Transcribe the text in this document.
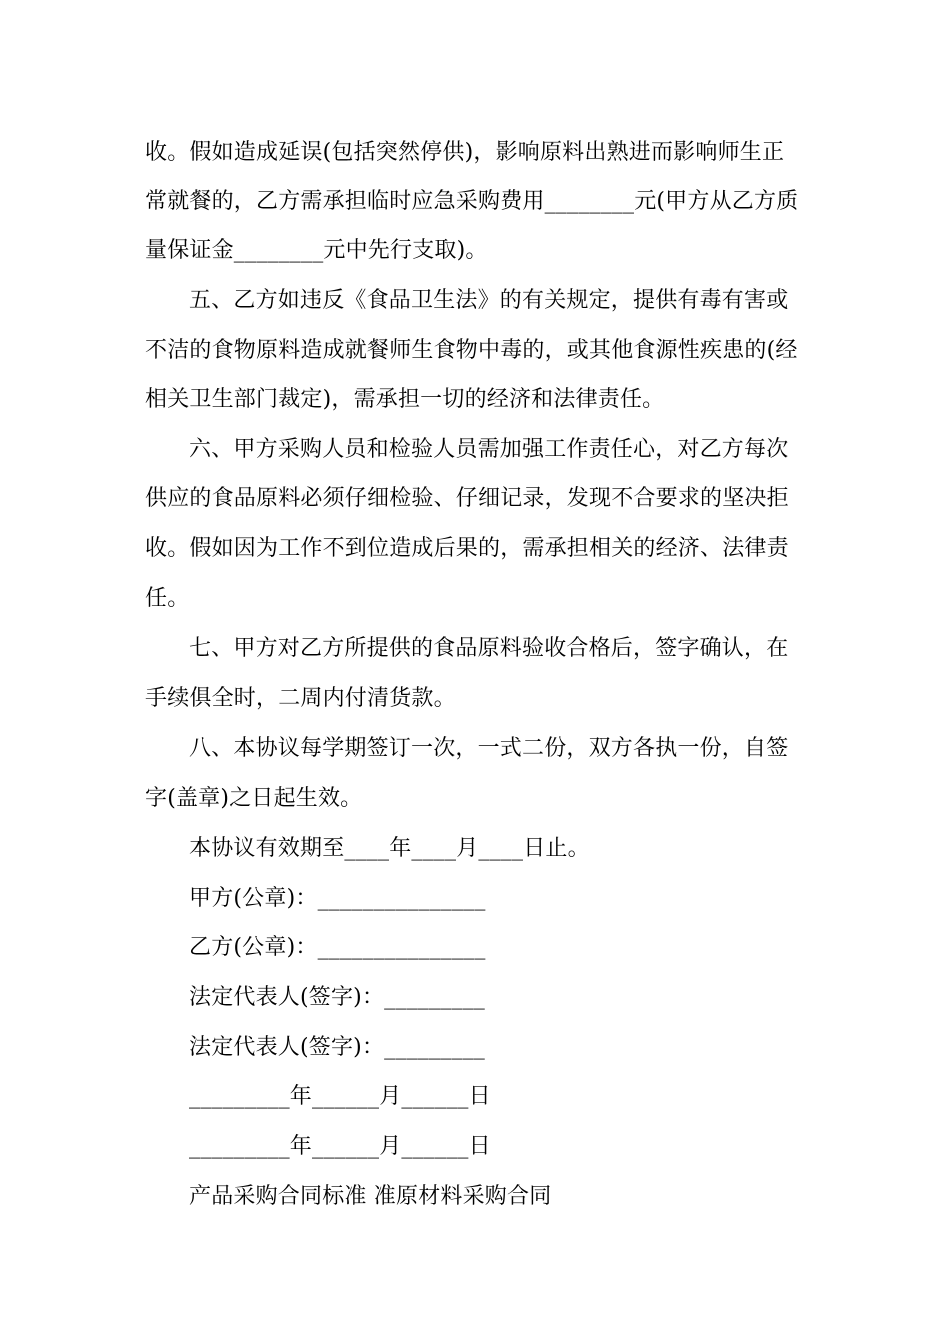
收。假如造成延误(包括突然停供)，影响原料出熟进而影响师生正
常就餐的，乙方需承担临时应急采购费用________元(甲方从乙方质
量保证金________元中先行支取)。
五、乙方如违反《食品卫生法》的有关规定，提供有毒有害或
不洁的食物原料造成就餐师生食物中毒的，或其他食源性疾患的(经
相关卫生部门裁定)，需承担一切的经济和法律责任。
六、甲方采购人员和检验人员需加强工作责任心，对乙方每次
供应的食品原料必须仔细检验、仔细记录，发现不合要求的坚决拒
收。假如因为工作不到位造成后果的，需承担相关的经济、法律责
任。
七、甲方对乙方所提供的食品原料验收合格后，签字确认，在
手续俱全时，二周内付清货款。
八、本协议每学期签订一次，一式二份，双方各执一份，自签
字(盖章)之日起生效。
本协议有效期至____年____月____日止。
甲方(公章)：_______________
乙方(公章)：_______________
法定代表人(签字)：_________
法定代表人(签字)：_________
_________年______月______日
_________年______月______日
产品采购合同标准 准原材料采购合同
